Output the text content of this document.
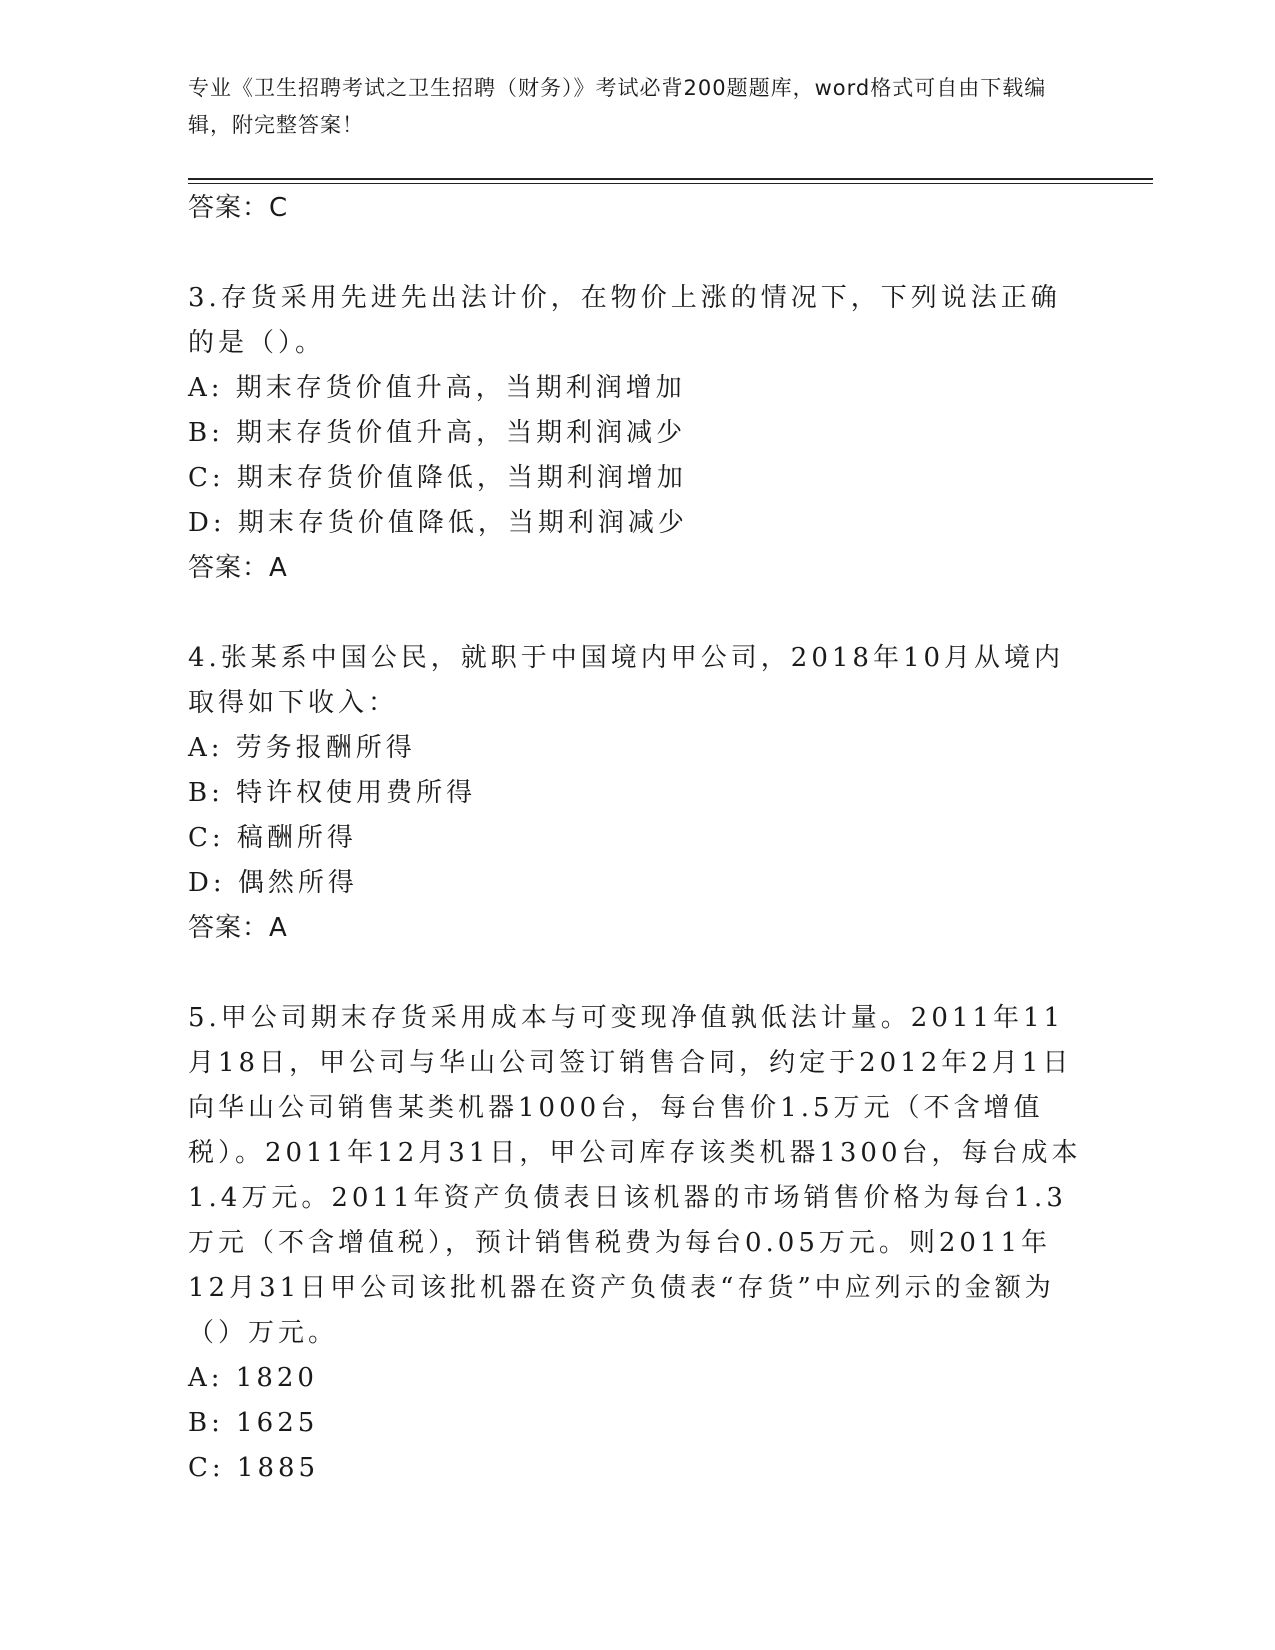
专业《卫生招聘考试之卫生招聘（财务）》考试必背200题题库，word格式可自由下载编辑，附完整答案！

答案：C

3.存货采用先进先出法计价，在物价上涨的情况下，下列说法正确的是（）。

A: 期末存货价值升高，当期利润增加

B: 期末存货价值升高，当期利润减少

C: 期末存货价值降低，当期利润增加

D: 期末存货价值降低，当期利润减少

答案：A

4.张某系中国公民，就职于中国境内甲公司，2018年10月从境内取得如下收入：

A: 劳务报酬所得

B: 特许权使用费所得

C: 稿酬所得

D: 偶然所得

答案：A

5.甲公司期末存货采用成本与可变现净值孰低法计量。2011年11月18日，甲公司与华山公司签订销售合同，约定于2012年2月1日向华山公司销售某类机器1000台，每台售价1.5万元（不含增值税）。2011年12月31日，甲公司库存该类机器1300台，每台成本1.4万元。2011年资产负债表日该机器的市场销售价格为每台1.3万元（不含增值税），预计销售税费为每台0.05万元。则2011年12月31日甲公司该批机器在资产负债表“存货”中应列示的金额为（）万元。

A: 1820

B: 1625

C: 1885
